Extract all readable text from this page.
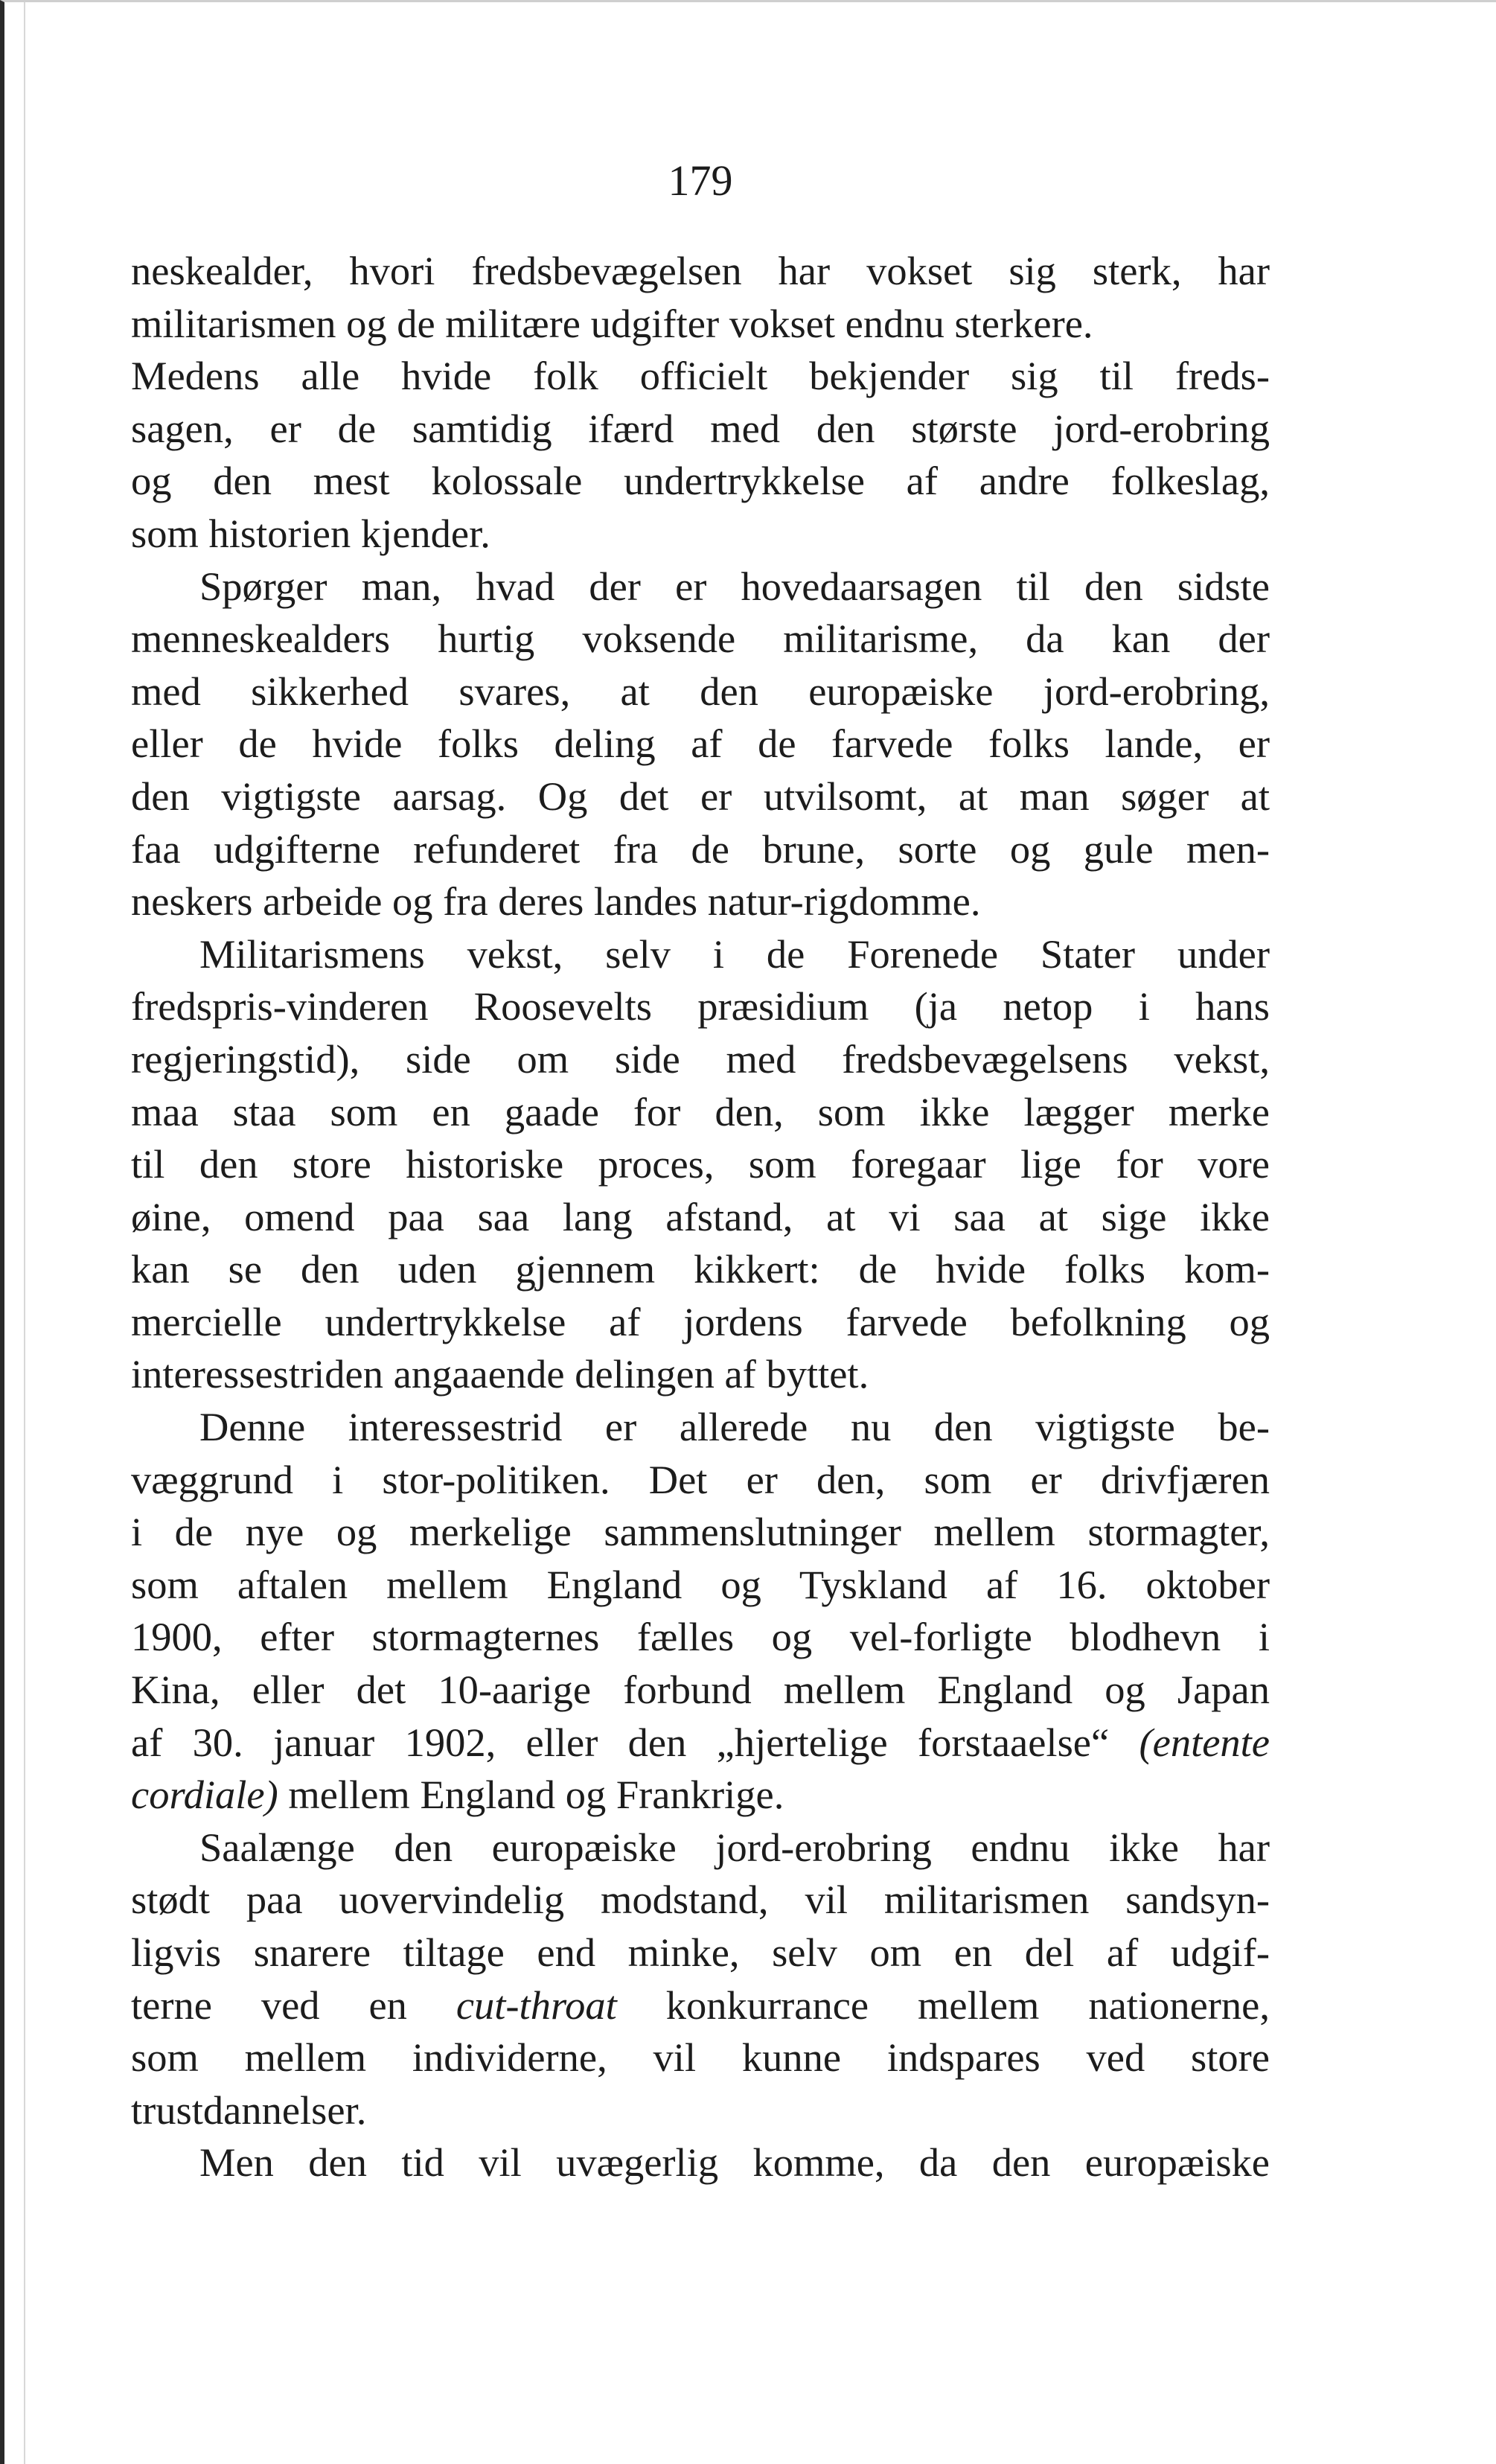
179

neskealder, hvori fredsbevægelsen har vokset sig sterk, har
militarismen og de militære udgifter vokset endnu sterkere.
Medens alle hvide folk officielt bekjender sig til freds-
sagen, er de samtidig ifærd med den største jord-erobring
og den mest kolossale undertrykkelse af andre folkeslag,
som historien kjender.
Spørger man, hvad der er hovedaarsagen til den sidste
menneskealders hurtig voksende militarisme, da kan der
med sikkerhed svares, at den europæiske jord-erobring,
eller de hvide folks deling af de farvede folks lande, er
den vigtigste aarsag. Og det er utvilsomt, at man søger at
faa udgifterne refunderet fra de brune, sorte og gule men-
neskers arbeide og fra deres landes natur-rigdomme.
Militarismens vekst, selv i de Forenede Stater under
fredspris-vinderen Roosevelts præsidium (ja netop i hans
regjeringstid), side om side med fredsbevægelsens vekst,
maa staa som en gaade for den, som ikke lægger merke
til den store historiske proces, som foregaar lige for vore
øine, omend paa saa lang afstand, at vi saa at sige ikke
kan se den uden gjennem kikkert: de hvide folks kom-
mercielle undertrykkelse af jordens farvede befolkning og
interessestriden angaaende delingen af byttet.
Denne interessestrid er allerede nu den vigtigste be-
væggrund i stor-politiken. Det er den, som er drivfjæren
i de nye og merkelige sammenslutninger mellem stormagter,
som aftalen mellem England og Tyskland af 16. oktober
1900, efter stormagternes fælles og vel-forligte blodhevn i
Kina, eller det 10-aarige forbund mellem England og Japan
af 30. januar 1902, eller den „hjertelige forstaaelse“ (entente
cordiale) mellem England og Frankrige.
Saalænge den europæiske jord-erobring endnu ikke har
stødt paa uovervindelig modstand, vil militarismen sandsyn-
ligvis snarere tiltage end minke, selv om en del af udgif-
terne ved en cut-throat konkurrance mellem nationerne,
som mellem individerne, vil kunne indspares ved store
trustdannelser.
Men den tid vil uvægerlig komme, da den europæiske
